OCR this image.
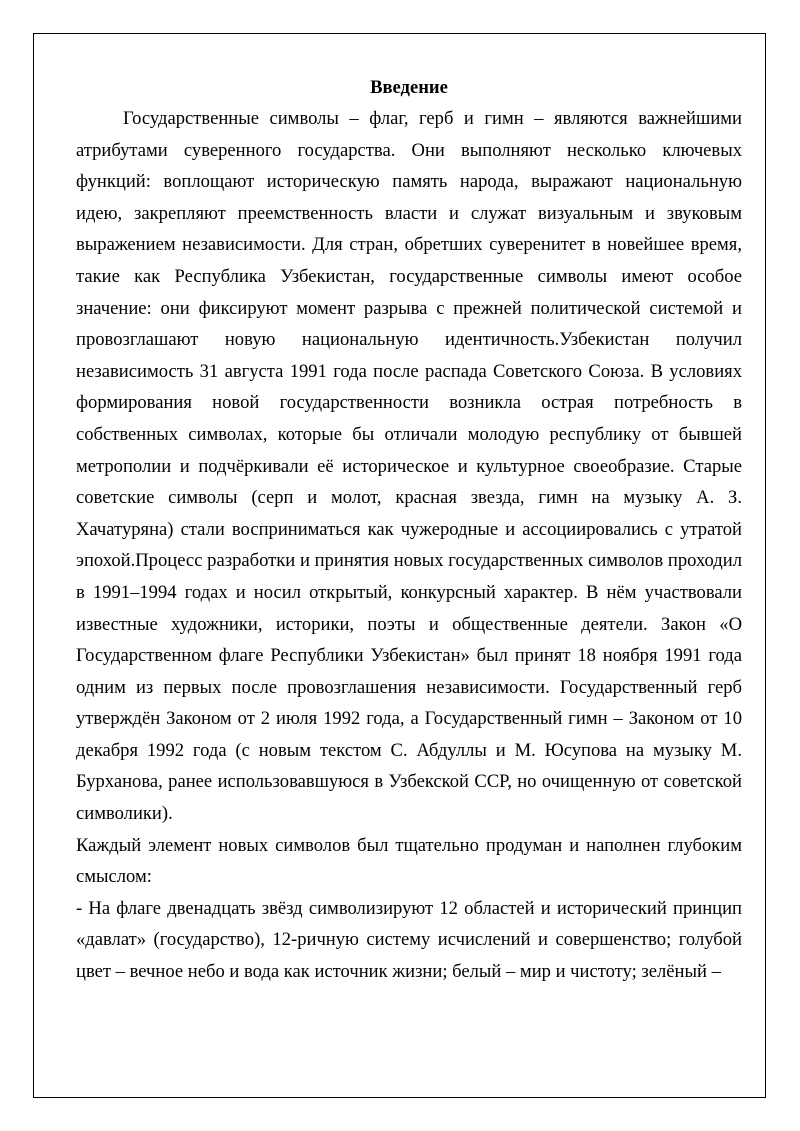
Введение

Государственные символы – флаг, герб и гимн – являются важнейшими атрибутами суверенного государства. Они выполняют несколько ключевых функций: воплощают историческую память народа, выражают национальную идею, закрепляют преемственность власти и служат визуальным и звуковым выражением независимости. Для стран, обретших суверенитет в новейшее время, такие как Республика Узбекистан, государственные символы имеют особое значение: они фиксируют момент разрыва с прежней политической системой и провозглашают новую национальную идентичность.Узбекистан получил независимость 31 августа 1991 года после распада Советского Союза. В условиях формирования новой государственности возникла острая потребность в собственных символах, которые бы отличали молодую республику от бывшей метрополии и подчёркивали её историческое и культурное своеобразие. Старые советские символы (серп и молот, красная звезда, гимн на музыку А. З. Хачатуряна) стали восприниматься как чужеродные и ассоциировались с утратой эпохой.Процесс разработки и принятия новых государственных символов проходил в 1991–1994 годах и носил открытый, конкурсный характер. В нём участвовали известные художники, историки, поэты и общественные деятели. Закон «О Государственном флаге Республики Узбекистан» был принят 18 ноября 1991 года одним из первых после провозглашения независимости. Государственный герб утверждён Законом от 2 июля 1992 года, а Государственный гимн – Законом от 10 декабря 1992 года (с новым текстом С. Абдуллы и М. Юсупова на музыку М. Бурханова, ранее использовавшуюся в Узбекской ССР, но очищенную от советской символики).

Каждый элемент новых символов был тщательно продуман и наполнен глубоким смыслом:

- На флаге двенадцать звёзд символизируют 12 областей и исторический принцип «давлат» (государство), 12-ричную систему исчислений и совершенство; голубой цвет – вечное небо и вода как источник жизни; белый – мир и чистоту; зелёный –
